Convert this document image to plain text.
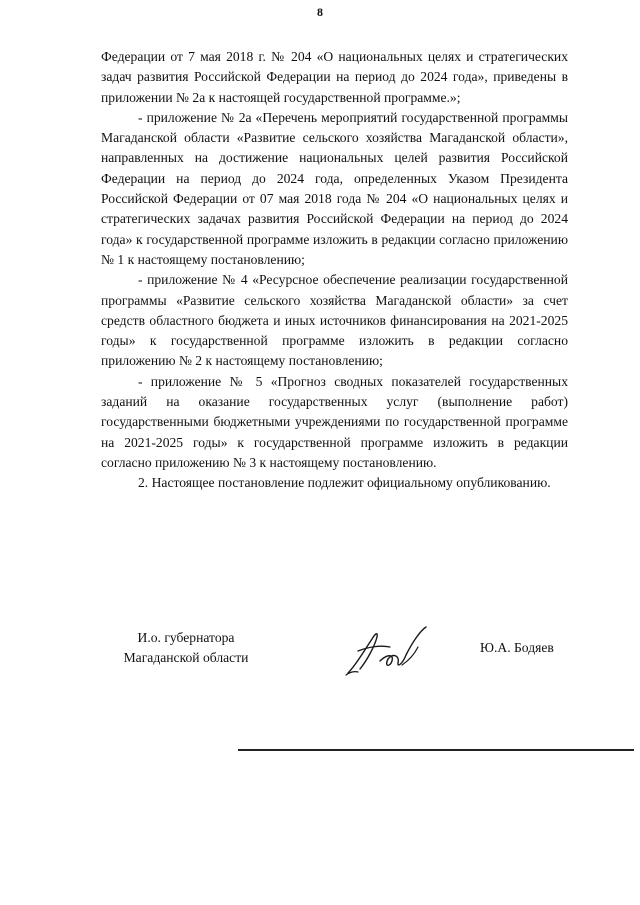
8

Федерации от 7 мая 2018 г. № 204 «О национальных целях и стратегических задач развития Российской Федерации на период до 2024 года», приведены в приложении № 2а к настоящей государственной программе.»;

- приложение № 2а «Перечень мероприятий государственной программы Магаданской области «Развитие сельского хозяйства Магаданской области», направленных на достижение национальных целей развития Российской Федерации на период до 2024 года, определенных Указом Президента Российской Федерации от 07 мая 2018 года № 204 «О национальных целях и стратегических задачах развития Российской Федерации на период до 2024 года» к государственной программе изложить в редакции согласно приложению № 1 к настоящему постановлению;

- приложение № 4 «Ресурсное обеспечение реализации государственной программы «Развитие сельского хозяйства Магаданской области» за счет средств областного бюджета и иных источников финансирования на 2021-2025 годы» к государственной программе изложить в редакции согласно приложению № 2 к настоящему постановлению;

- приложение № 5 «Прогноз сводных показателей государственных заданий на оказание государственных услуг (выполнение работ) государственными бюджетными учреждениями по государственной программе на 2021-2025 годы» к государственной программе изложить в редакции согласно приложению № 3 к настоящему постановлению.

2. Настоящее постановление подлежит официальному опубликованию.

И.о. губернатора
Магаданской области
Ю.А. Бодяев
